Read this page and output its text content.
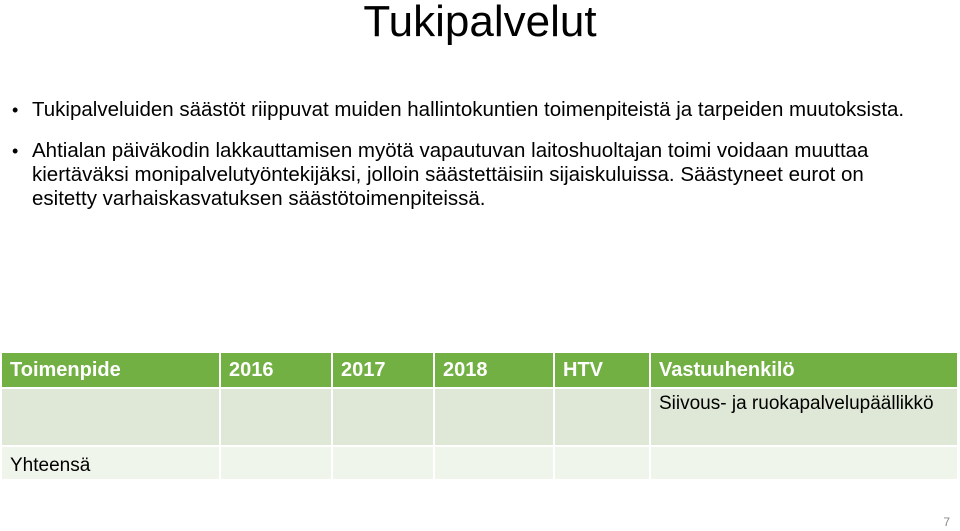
Tukipalvelut
• Tukipalveluiden säästöt riippuvat muiden hallintokuntien toimenpiteistä ja tarpeiden muutoksista.
• Ahtialan päiväkodin lakkauttamisen myötä vapautuvan laitoshuoltajan toimi voidaan muuttaa kiertäväksi monipalvelutyöntekijäksi, jolloin säästettäisiin sijaiskuluissa. Säästyneet eurot on esitetty varhaiskasvatuksen säästötoimenpiteissä.
Toimenpide	2016	2017	2018	HTV	Vastuuhenkilö
					Siivous- ja ruokapalvelupäällikkö
Yhteensä					
7
